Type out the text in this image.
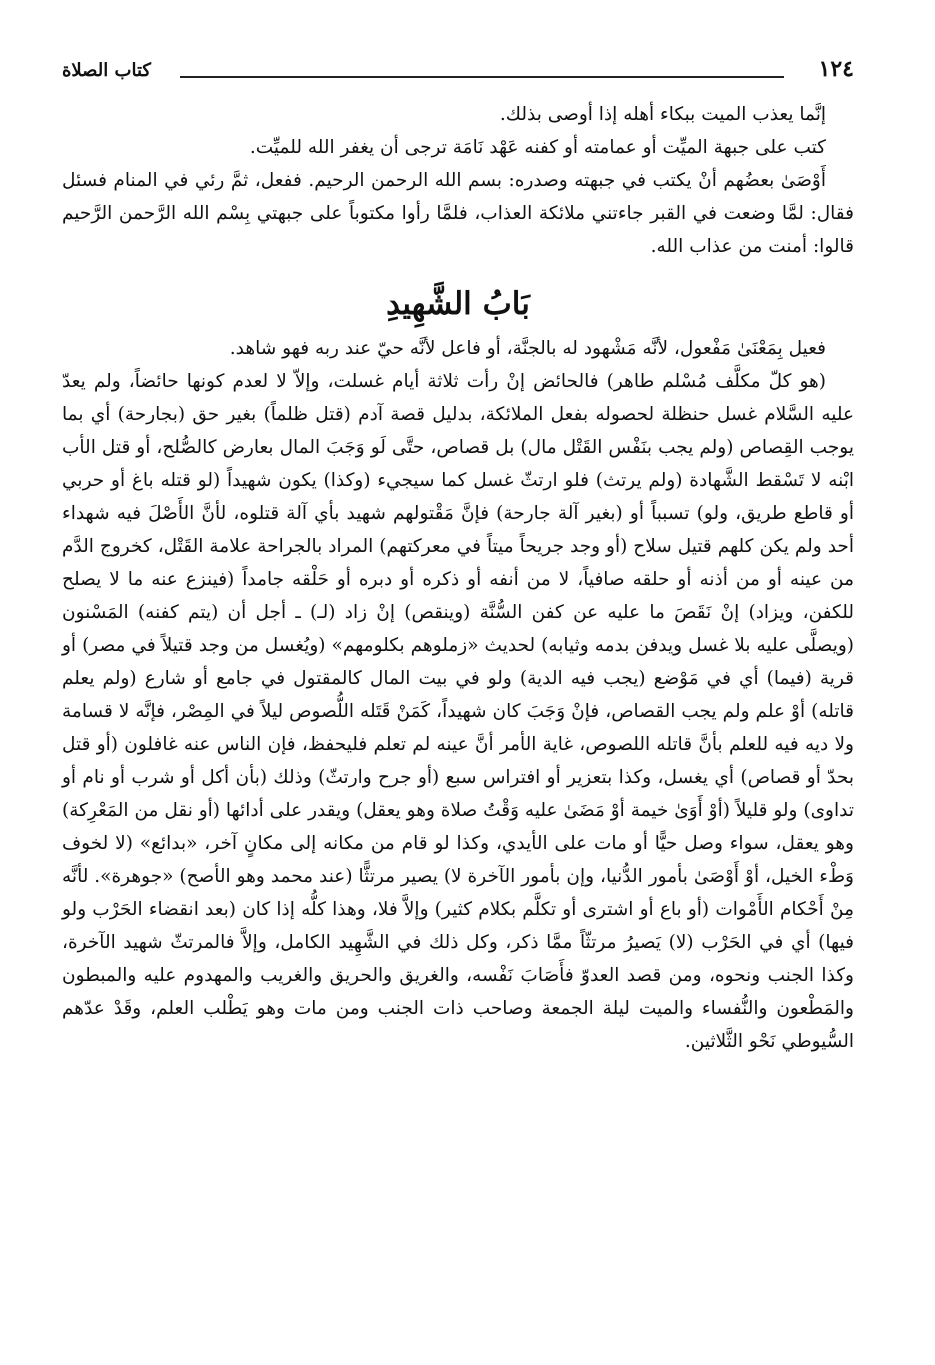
١٢٤
كتاب الصلاة

إنَّما يعذب الميت ببكاء أهله إذا أوصى بذلك.

كتب على جبهة الميِّت أو عمامته أو كفنه عَهْد نَامَة ترجى أن يغفر الله للميِّت.

أَوْصَىٰ بعضُهم أنْ يكتب في جبهته وصدره: بسم الله الرحمن الرحيم. ففعل، ثمَّ رئي في المنام فسئل فقال: لمَّا وضعت في القبر جاءتني ملائكة العذاب، فلمَّا رأوا مكتوباً على جبهتي بِسْم الله الرَّحمن الرَّحيم قالوا: أمنت من عذاب الله.

بَابُ الشَّهِيدِ

فعيل بِمَعْنَىٰ مَفْعول، لأنَّه مَشْهود له بالجنَّة، أو فاعل لأنَّه حيّ عند ربه فهو شاهد.

(هو كلّ مكلَّف مُسْلم طاهر) فالحائض إنْ رأت ثلاثة أيام غسلت، وإلاّ لا لعدم كونها حائضاً، ولم يعدّ عليه السَّلام غسل حنظلة لحصوله بفعل الملائكة، بدليل قصة آدم (قتل ظلماً) بغير حق (بجارحة) أي بما يوجب القِصاص (ولم يجب بنَفْس القَتْل مال) بل قصاص، حتَّى لَو وَجَبَ المال بعارض كالصُّلح، أو قتل الأب ابْنه لا تَسْقط الشَّهادة (ولم يرتث) فلو ارتثّ غسل كما سيجيء (وكذا) يكون شهيداً (لو قتله باغ أو حربي أو قاطع طريق، ولو) تسبباً أو (بغير آلة جارحة) فإنَّ مَقْتولهم شهيد بأي آلة قتلوه، لأنَّ الأَصْلَ فيه شهداء أحد ولم يكن كلهم قتيل سلاح (أو وجد جريحاً ميتاً في معركتهم) المراد بالجراحة علامة القَتْل، كخروج الدَّم من عينه أو من أذنه أو حلقه صافياً، لا من أنفه أو ذكره أو دبره أو حَلْقه جامداً (فينزع عنه ما لا يصلح للكفن، ويزاد) إنْ نَقَصَ ما عليه عن كفن السُّنَّة (وينقص) إنْ زاد (لـ) ـ أجل أن (يتم كفنه) المَسْنون (ويصلَّى عليه بلا غسل ويدفن بدمه وثيابه) لحديث «زملوهم بكلومهم» (ويُغسل من وجد قتيلاً في مصر) أو قرية (فيما) أي في مَوْضع (يجب فيه الدية) ولو في بيت المال كالمقتول في جامع أو شارع (ولم يعلم قاتله) أوْ علم ولم يجب القصاص، فإنْ وَجَبَ كان شهيداً، كَمَنْ قَتَله اللُّصوص ليلاً في المِصْر، فإنَّه لا قسامة ولا ديه فيه للعلم بأنَّ قاتله اللصوص، غاية الأمر أنَّ عينه لم تعلم فليحفظ، فإن الناس عنه غافلون (أو قتل بحدّ أو قصاص) أي يغسل، وكذا بتعزير أو افتراس سبع (أو جرح وارتثّ) وذلك (بأن أكل أو شرب أو نام أو تداوى) ولو قليلاً (أوْ أَوَىٰ خيمة أوْ مَضَىٰ عليه وَقْتُ صلاة وهو يعقل) ويقدر على أدائها (أو نقل من المَعْرِكة) وهو يعقل، سواء وصل حيًّا أو مات على الأيدي، وكذا لو قام من مكانه إلى مكانٍ آخر، «بدائع» (لا لخوف وَطْء الخيل، أوْ أَوْصَىٰ بأمور الدُّنيا، وإن بأمور الآخرة لا) يصير مرتثًّا (عند محمد وهو الأصح) «جوهرة». لأنَّه مِنْ أَحْكام الأَمْوات (أو باع أو اشترى أو تكلَّم بكلام كثير) وإلاَّ فلا، وهذا كلُّه إذا كان (بعد انقضاء الحَرْب ولو فيها) أي في الحَرْب (لا) يَصيرُ مرتثّاً ممَّا ذكر، وكل ذلك في الشَّهِيد الكامل، وإلاَّ فالمرتثّ شهيد الآخرة، وكذا الجنب ونحوه، ومن قصد العدوّ فأَصَابَ نَفْسه، والغريق والحريق والغريب والمهدوم عليه والمبطون والمَطْعون والنُّفساء والميت ليلة الجمعة وصاحب ذات الجنب ومن مات وهو يَطْلب العلم، وقَدْ عدّهم السُّيوطي نَحْو الثَّلاثين.
